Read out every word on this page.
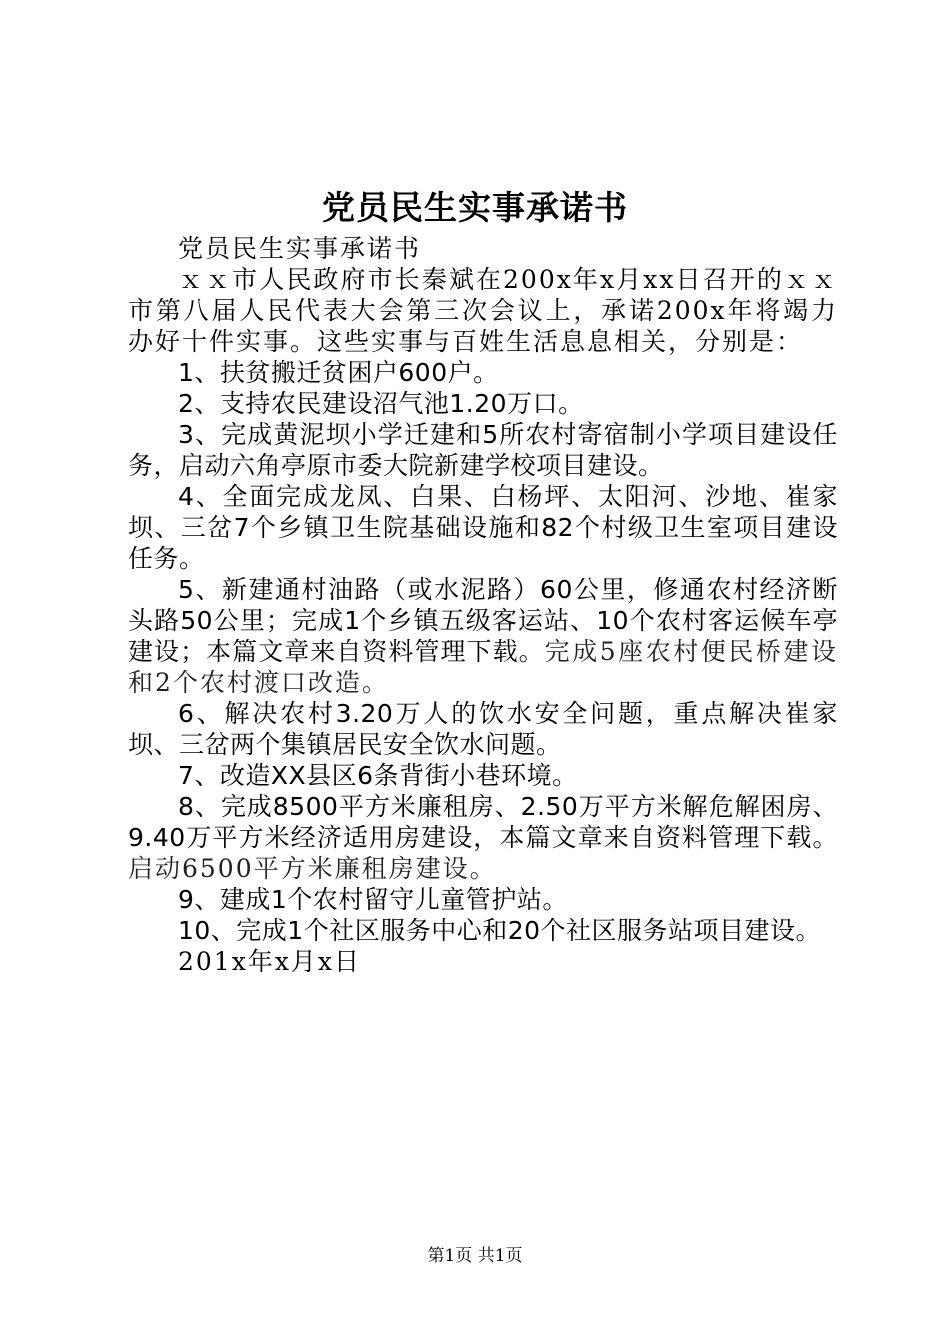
党员民生实事承诺书

党员民生实事承诺书

ｘｘ市人民政府市长秦斌在200x年x月xx日召开的ｘｘ市第八届人民代表大会第三次会议上，承诺200x年将竭力办好十件实事。这些实事与百姓生活息息相关，分别是：

1、扶贫搬迁贫困户600户。

2、支持农民建设沼气池1.20万口。

3、完成黄泥坝小学迁建和5所农村寄宿制小学项目建设任务，启动六角亭原市委大院新建学校项目建设。

4、全面完成龙凤、白果、白杨坪、太阳河、沙地、崔家坝、三岔7个乡镇卫生院基础设施和82个村级卫生室项目建设任务。

5、新建通村油路（或水泥路）60公里，修通农村经济断头路50公里；完成1个乡镇五级客运站、10个农村客运候车亭建设；本篇文章来自资料管理下载。完成5座农村便民桥建设和2个农村渡口改造。

6、解决农村3.20万人的饮水安全问题，重点解决崔家坝、三岔两个集镇居民安全饮水问题。

7、改造XX县区6条背街小巷环境。

8、完成8500平方米廉租房、2.50万平方米解危解困房、9.40万平方米经济适用房建设，本篇文章来自资料管理下载。启动6500平方米廉租房建设。

9、建成1个农村留守儿童管护站。

10、完成1个社区服务中心和20个社区服务站项目建设。

201x年x月x日

第1页 共1页
